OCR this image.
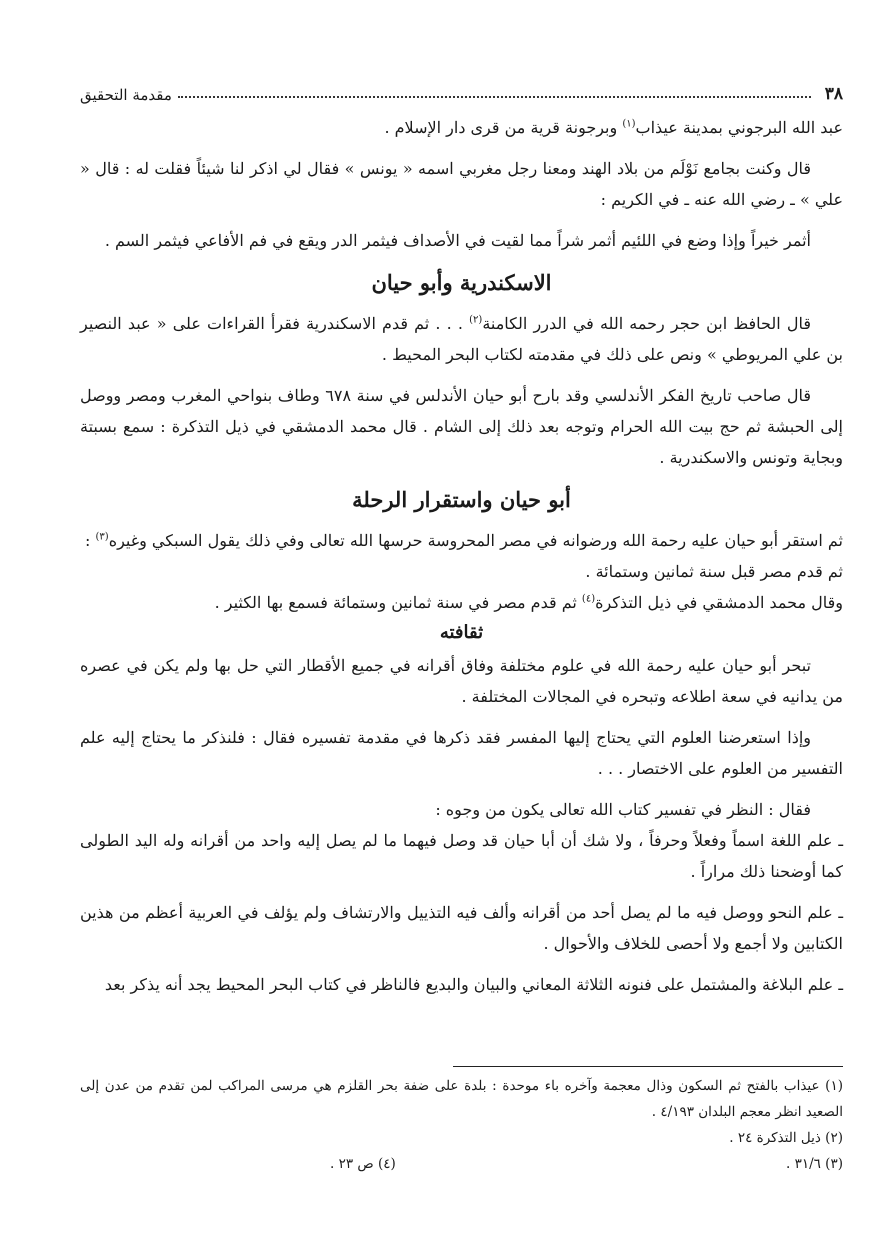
٣٨
مقدمة التحقيق

عبد الله البرجوني بمدينة عيذاب$^{(١)}$ وبرجونة قرية من قرى دار الإسلام .

قال وكنت بجامع نَوْلَم من بلاد الهند ومعنا رجل مغربي اسمه « يونس » فقال لي اذكر لنا شيئاً فقلت له : قال « علي » ـ رضي الله عنه ـ في الكريم :

أثمر خيراً وإذا وضع في اللئيم أثمر شراً مما لقيت في الأصداف فيثمر الدر ويقع في فم الأفاعي فيثمر السم .

الاسكندرية وأبو حيان

قال الحافظ ابن حجر رحمه الله في الدرر الكامنة$^{(٢)}$ . . . ثم قدم الاسكندرية فقرأ القراءات على « عبد النصير بن علي المريوطي » ونص على ذلك في مقدمته لكتاب البحر المحيط .

قال صاحب تاريخ الفكر الأندلسي وقد بارح أبو حيان الأندلس في سنة ٦٧٨ وطاف بنواحي المغرب ومصر ووصل إلى الحبشة ثم حج بيت الله الحرام وتوجه بعد ذلك إلى الشام . قال محمد الدمشقي في ذيل التذكرة : سمع بسبتة وبجاية وتونس والاسكندرية .

أبو حيان واستقرار الرحلة

ثم استقر أبو حيان عليه رحمة الله ورضوانه في مصر المحروسة حرسها الله تعالى وفي ذلك يقول السبكي وغيره$^{(٣)}$ :

ثم قدم مصر قبل سنة ثمانين وستمائة .

وقال محمد الدمشقي في ذيل التذكرة$^{(٤)}$ ثم قدم مصر في سنة ثمانين وستمائة فسمع بها الكثير .

ثقافته

تبحر أبو حيان عليه رحمة الله في علوم مختلفة وفاق أقرانه في جميع الأقطار التي حل بها ولم يكن في عصره من يدانيه في سعة اطلاعه وتبحره في المجالات المختلفة .

وإذا استعرضنا العلوم التي يحتاج إليها المفسر فقد ذكرها في مقدمة تفسيره فقال : فلنذكر ما يحتاج إليه علم التفسير من العلوم على الاختصار . . .

فقال : النظر في تفسير كتاب الله تعالى يكون من وجوه :

ـ علم اللغة اسماً وفعلاً وحرفاً ، ولا شك أن أبا حيان قد وصل فيهما ما لم يصل إليه واحد من أقرانه وله اليد الطولى كما أوضحنا ذلك مراراً .

ـ علم النحو ووصل فيه ما لم يصل أحد من أقرانه وألف فيه التذييل والارتشاف ولم يؤلف في العربية أعظم من هذين الكتابين ولا أجمع ولا أحصى للخلاف والأحوال .

ـ علم البلاغة والمشتمل على فنونه الثلاثة المعاني والبيان والبديع فالناظر في كتاب البحر المحيط يجد أنه يذكر بعد

(١) عيذاب بالفتح ثم السكون وذال معجمة وآخره باء موحدة : بلدة على ضفة بحر القلزم هي مرسى المراكب لمن تقدم من عدن إلى الصعيد انظر معجم البلدان ٤/١٩٣ .
(٢) ذيل التذكرة ٢٤ .
(٣) ٣١/٦ .
(٤) ص ٢٣ .
